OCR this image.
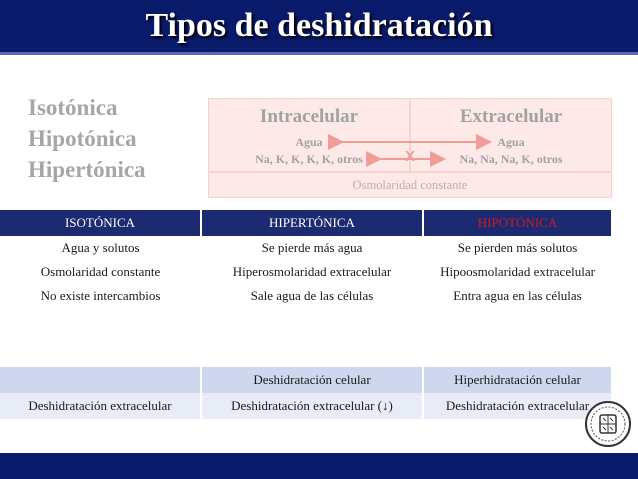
Tipos de deshidratación
Isotónica
Hipotónica
Hipertónica
Intracelular
Agua
Na, K, K, K, K, otros
Extracelular
Agua
Na, Na, Na, K, otros
X
Osmolaridad constante
ISOTÓNICA	HIPERTÓNICA	HIPOTÓNICA
Agua y solutos	Se pierde más agua	Se pierden más solutos
Osmolaridad constante	Hiperosmolaridad extracelular	Hipoosmolaridad extracelular
No existe intercambios	Sale agua de las células	Entra agua en las células
	Deshidratación celular	Hiperhidratación celular
Deshidratación extracelular	Deshidratación extracelular (↓)	Deshidratación extracelular
